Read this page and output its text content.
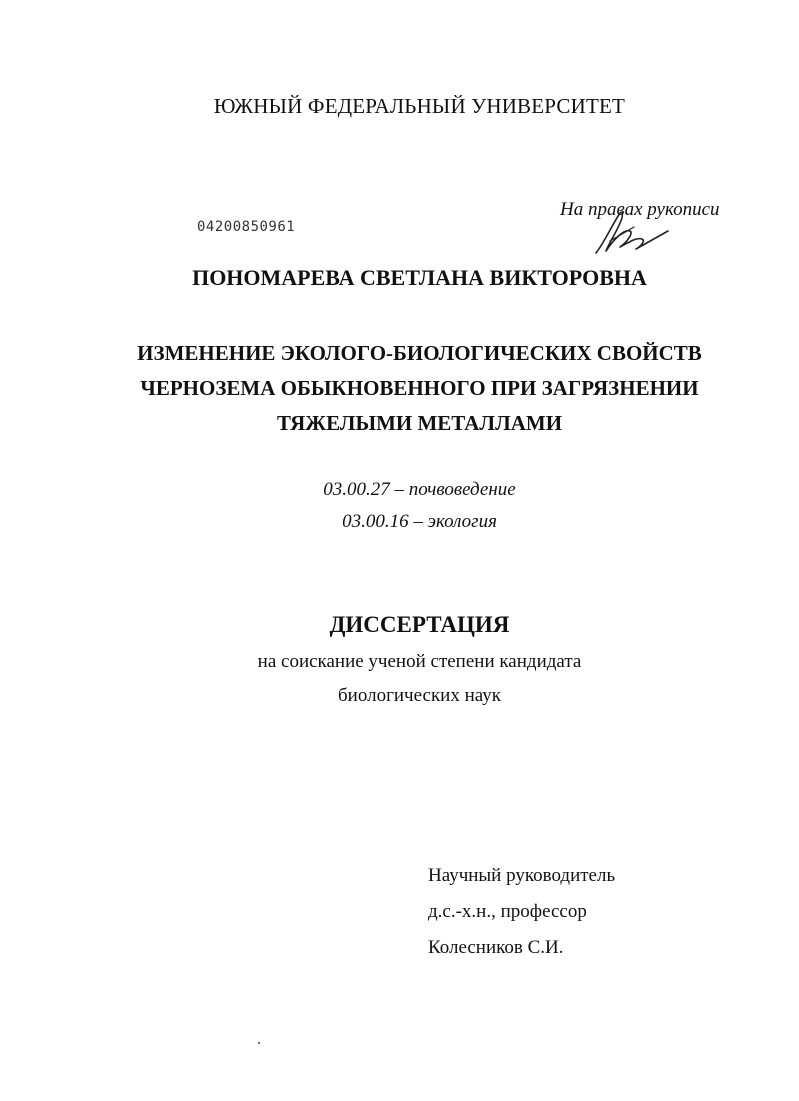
ЮЖНЫЙ ФЕДЕРАЛЬНЫЙ УНИВЕРСИТЕТ
На правах рукописи
04200850961
ПОНОМАРЕВА СВЕТЛАНА ВИКТОРОВНА
ИЗМЕНЕНИЕ ЭКОЛОГО-БИОЛОГИЧЕСКИХ СВОЙСТВ
ЧЕРНОЗЕМА ОБЫКНОВЕННОГО ПРИ ЗАГРЯЗНЕНИИ
ТЯЖЕЛЫМИ МЕТАЛЛАМИ
03.00.27 – почвоведение
03.00.16 – экология
ДИССЕРТАЦИЯ
на соискание ученой степени кандидата
биологических наук
Научный руководитель
д.с.-х.н., профессор
Колесников С.И.
